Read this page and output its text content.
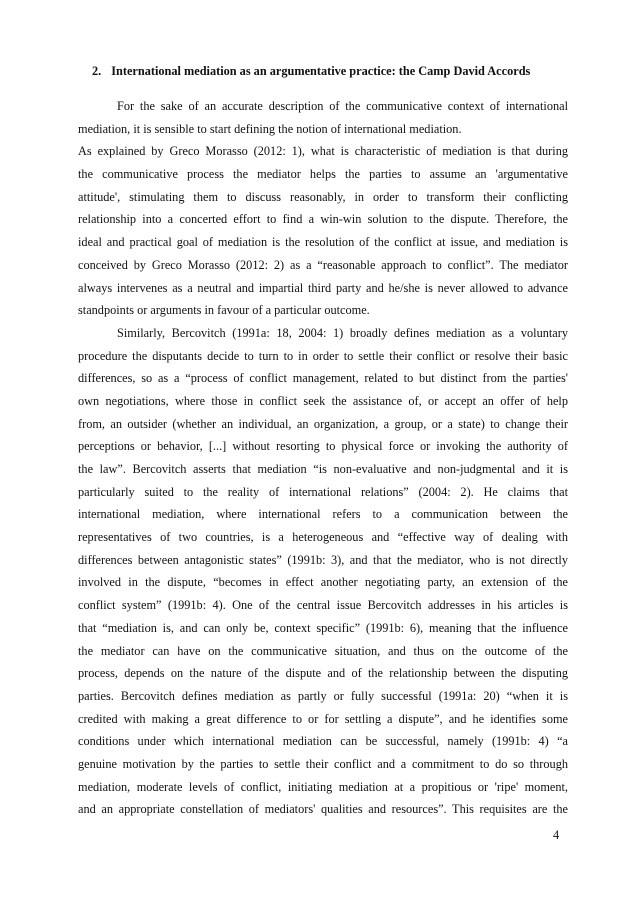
2. International mediation as an argumentative practice: the Camp David Accords
For the sake of an accurate description of the communicative context of international
mediation, it is sensible to start defining the notion of international mediation.
As explained by Greco Morasso (2012: 1), what is characteristic of mediation is that during
the communicative process the mediator helps the parties to assume an 'argumentative
attitude', stimulating them to discuss reasonably, in order to transform their conflicting
relationship into a concerted effort to find a win-win solution to the dispute. Therefore, the
ideal and practical goal of mediation is the resolution of the conflict at issue, and mediation is
conceived by Greco Morasso (2012: 2) as a “reasonable approach to conflict”. The mediator
always intervenes as a neutral and impartial third party and he/she is never allowed to advance
standpoints or arguments in favour of a particular outcome.
Similarly, Bercovitch (1991a: 18, 2004: 1) broadly defines mediation as a voluntary
procedure the disputants decide to turn to in order to settle their conflict or resolve their basic
differences, so as a “process of conflict management, related to but distinct from the parties'
own negotiations, where those in conflict seek the assistance of, or accept an offer of help
from, an outsider (whether an individual, an organization, a group, or a state) to change their
perceptions or behavior, [...] without resorting to physical force or invoking the authority of
the law”. Bercovitch asserts that mediation “is non-evaluative and non-judgmental and it is
particularly suited to the reality of international relations” (2004: 2). He claims that
international mediation, where international refers to a communication between the
representatives of two countries, is a heterogeneous and “effective way of dealing with
differences between antagonistic states” (1991b: 3), and that the mediator, who is not directly
involved in the dispute, “becomes in effect another negotiating party, an extension of the
conflict system” (1991b: 4). One of the central issue Bercovitch addresses in his articles is
that “mediation is, and can only be, context specific” (1991b: 6), meaning that the influence
the mediator can have on the communicative situation, and thus on the outcome of the
process, depends on the nature of the dispute and of the relationship between the disputing
parties. Bercovitch defines mediation as partly or fully successful (1991a: 20) “when it is
credited with making a great difference to or for settling a dispute”, and he identifies some
conditions under which international mediation can be successful, namely (1991b: 4) “a
genuine motivation by the parties to settle their conflict and a commitment to do so through
mediation, moderate levels of conflict, initiating mediation at a propitious or 'ripe' moment,
and an appropriate constellation of mediators' qualities and resources”. This requisites are the
4
